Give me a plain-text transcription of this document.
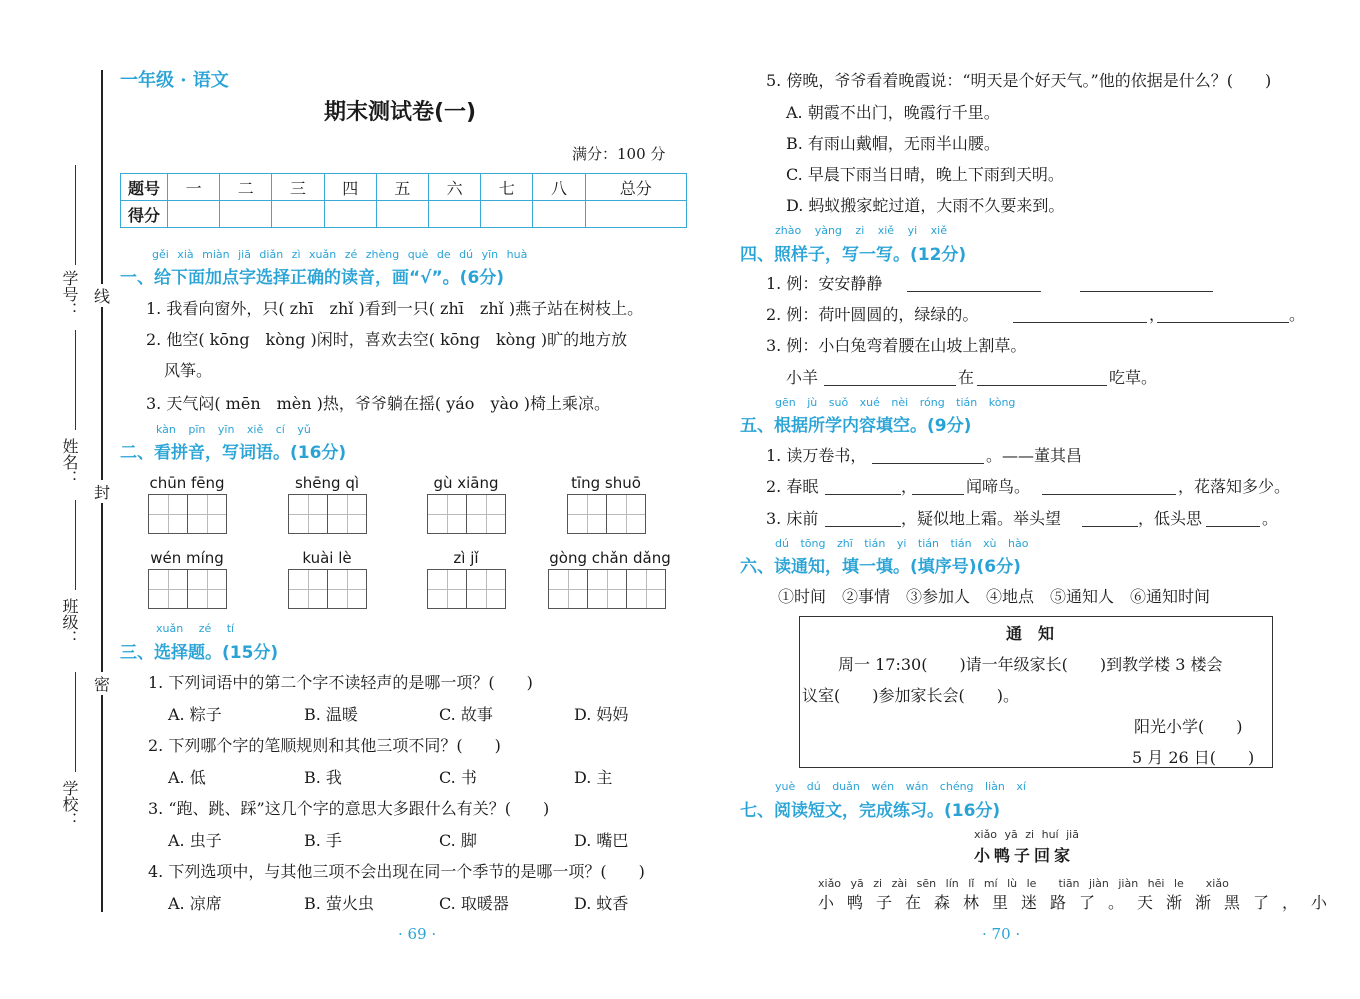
学号：
姓名：
班级：
学校：
线
封
密
一年级 · 语文
期末测试卷(一)
满分：100 分
题号	一	二	三	四	五	六	七	八	总分
得分									
gěi xià miàn jiā diǎn zì xuǎn zé zhèng què de dú yīn huà
一、给下面加点字选择正确的读音，画“√”。(6分)
1. 我看向窗外，只( zhī　zhǐ )看到一只( zhī　zhǐ )燕子站在树枝上。
2. 他空( kōng　kòng )闲时，喜欢去空( kōng　kòng )旷的地方放
风筝。
3. 天气闷( mēn　mèn )热，爷爷躺在摇( yáo　yào )椅上乘凉。
kàn pīn yīn xiě cí yǔ
二、看拼音，写词语。(16分)
chūn fēng	shēng qì	gù xiāng	tīng shuō
wén míng	kuài lè	zì jǐ	gòng chǎn dǎng
xuǎn zé tí
三、选择题。(15分)
1. 下列词语中的第二个字不读轻声的是哪一项？(　　)
A. 粽子	B. 温暖	C. 故事	D. 妈妈
2. 下列哪个字的笔顺规则和其他三项不同？(　　)
A. 低	B. 我	C. 书	D. 主
3. “跑、跳、踩”这几个字的意思大多跟什么有关？(　　)
A. 虫子	B. 手	C. 脚	D. 嘴巴
4. 下列选项中，与其他三项不会出现在同一个季节的是哪一项？(　　)
A. 凉席	B. 萤火虫	C. 取暖器	D. 蚊香
· 69 ·
5. 傍晚，爷爷看着晚霞说：“明天是个好天气。”他的依据是什么？(　　)
A. 朝霞不出门，晚霞行千里。
B. 有雨山戴帽，无雨半山腰。
C. 早晨下雨当日晴，晚上下雨到天明。
D. 蚂蚁搬家蛇过道，大雨不久要来到。
zhào yàng zi xiě yi xiě
四、照样子，写一写。(12分)
1. 例：安安静静
2. 例：荷叶圆圆的，绿绿的。	，	。
3. 例：小白兔弯着腰在山坡上割草。
小羊	在	吃草。
gēn jù suǒ xué nèi róng tián kòng
五、根据所学内容填空。(9分)
1. 读万卷书，	。——董其昌
2. 春眠	，	闻啼鸟。	，花落知多少。
3. 床前	，疑似地上霜。举头望	，低头思	。
dú tōng zhī tián yi tián tián xù hào
六、读通知，填一填。(填序号)(6分)
①时间　②事情　③参加人　④地点　⑤通知人　⑥通知时间
通　知
周一 17:30(　　)请一年级家长(　　)到教学楼 3 楼会
议室(　　)参加家长会(　　)。
阳光小学(　　)
5 月 26 日(　　)
yuè dú duǎn wén wán chéng liàn xí
七、阅读短文，完成练习。(16分)
xiǎo yā zi huí jiā
小鸭子回家
xiǎo yā zi zài sēn lín lǐ mí lù le　　tiān jiàn jiàn hēi le　　xiǎo
小鸭子在森林里迷路了。天渐渐黑了，小
· 70 ·
